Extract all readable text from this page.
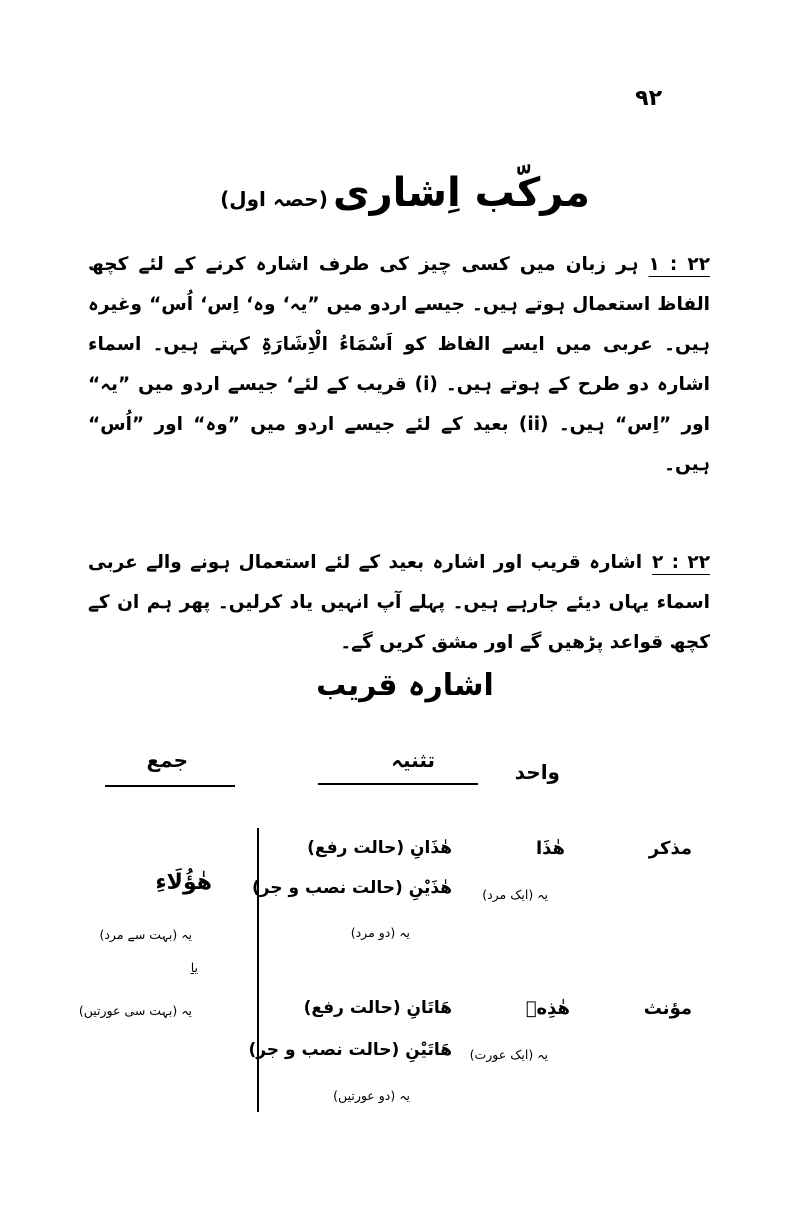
۹۲
مرکّب اِشاری (حصہ اول)
۲۲ : ۱ہر زبان میں کسی چیز کی طرف اشارہ کرنے کے لئے کچھ الفاظ استعمال ہوتے ہیں۔ جیسے اردو میں ”یہ‘ وہ‘ اِس‘ اُس“ وغیرہ ہیں۔ عربی میں ایسے الفاظ کو اَسْمَاءُ الْاِشَارَۃِ کہتے ہیں۔ اسماء اشارہ دو طرح کے ہوتے ہیں۔ (i) قریب کے لئے‘ جیسے اردو میں ”یہ“ اور ”اِس“ ہیں۔ (ii) بعید کے لئے جیسے اردو میں ”وہ“ اور ”اُس“ ہیں۔
۲۲ : ۲اشارہ قریب اور اشارہ بعید کے لئے استعمال ہونے والے عربی اسماء یہاں دیئے جارہے ہیں۔ پہلے آپ انہیں یاد کرلیں۔ پھر ہم ان کے کچھ قواعد پڑھیں گے اور مشق کریں گے۔
اشارہ قریب
واحد
تثنیہ
جمع
مذکر
هٰذَا
یہ (ایک مرد)
هٰذَانِ (حالت رفع)
هٰذَيْنِ (حالت نصب و جر)
یہ (دو مرد)
مؤنث
هٰذِهٖ
یہ (ایک عورت)
هَاتَانِ (حالت رفع)
هَاتَيْنِ (حالت نصب و جر)
یہ (دو عورتیں)
هٰؤُلَاءِ
یہ (بہت سے مرد)
یا
یہ (بہت سی عورتیں)
